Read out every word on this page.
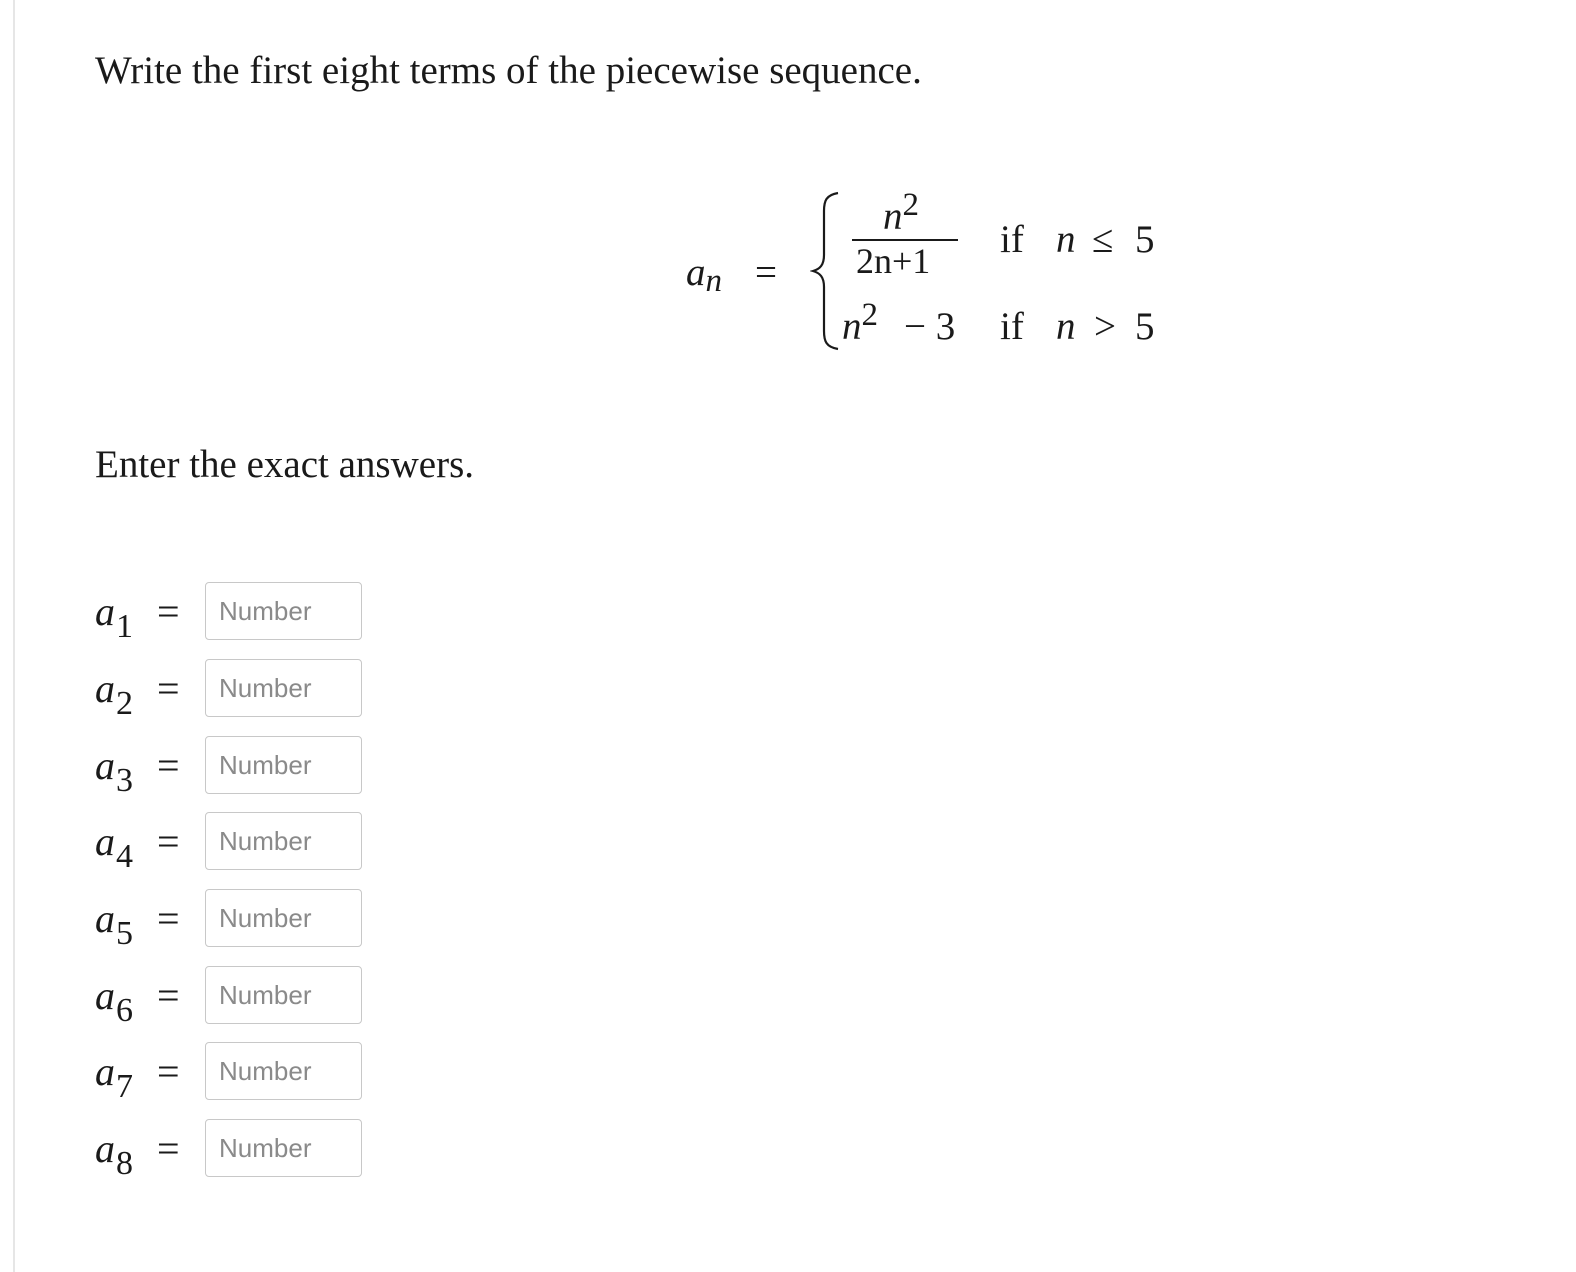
Write the first eight terms of the piecewise sequence.

an =
$n^2$
2n+1 if n ≤ 5
$n^2 - 3$ if n > 5

Enter the exact answers.

$a_1$ =
Number
$a_2$ =
Number
$a_3$ =
Number
$a_4$ =
Number
$a_5$ =
Number
$a_6$ =
Number
$a_7$ =
Number
$a_8$ =
Number
